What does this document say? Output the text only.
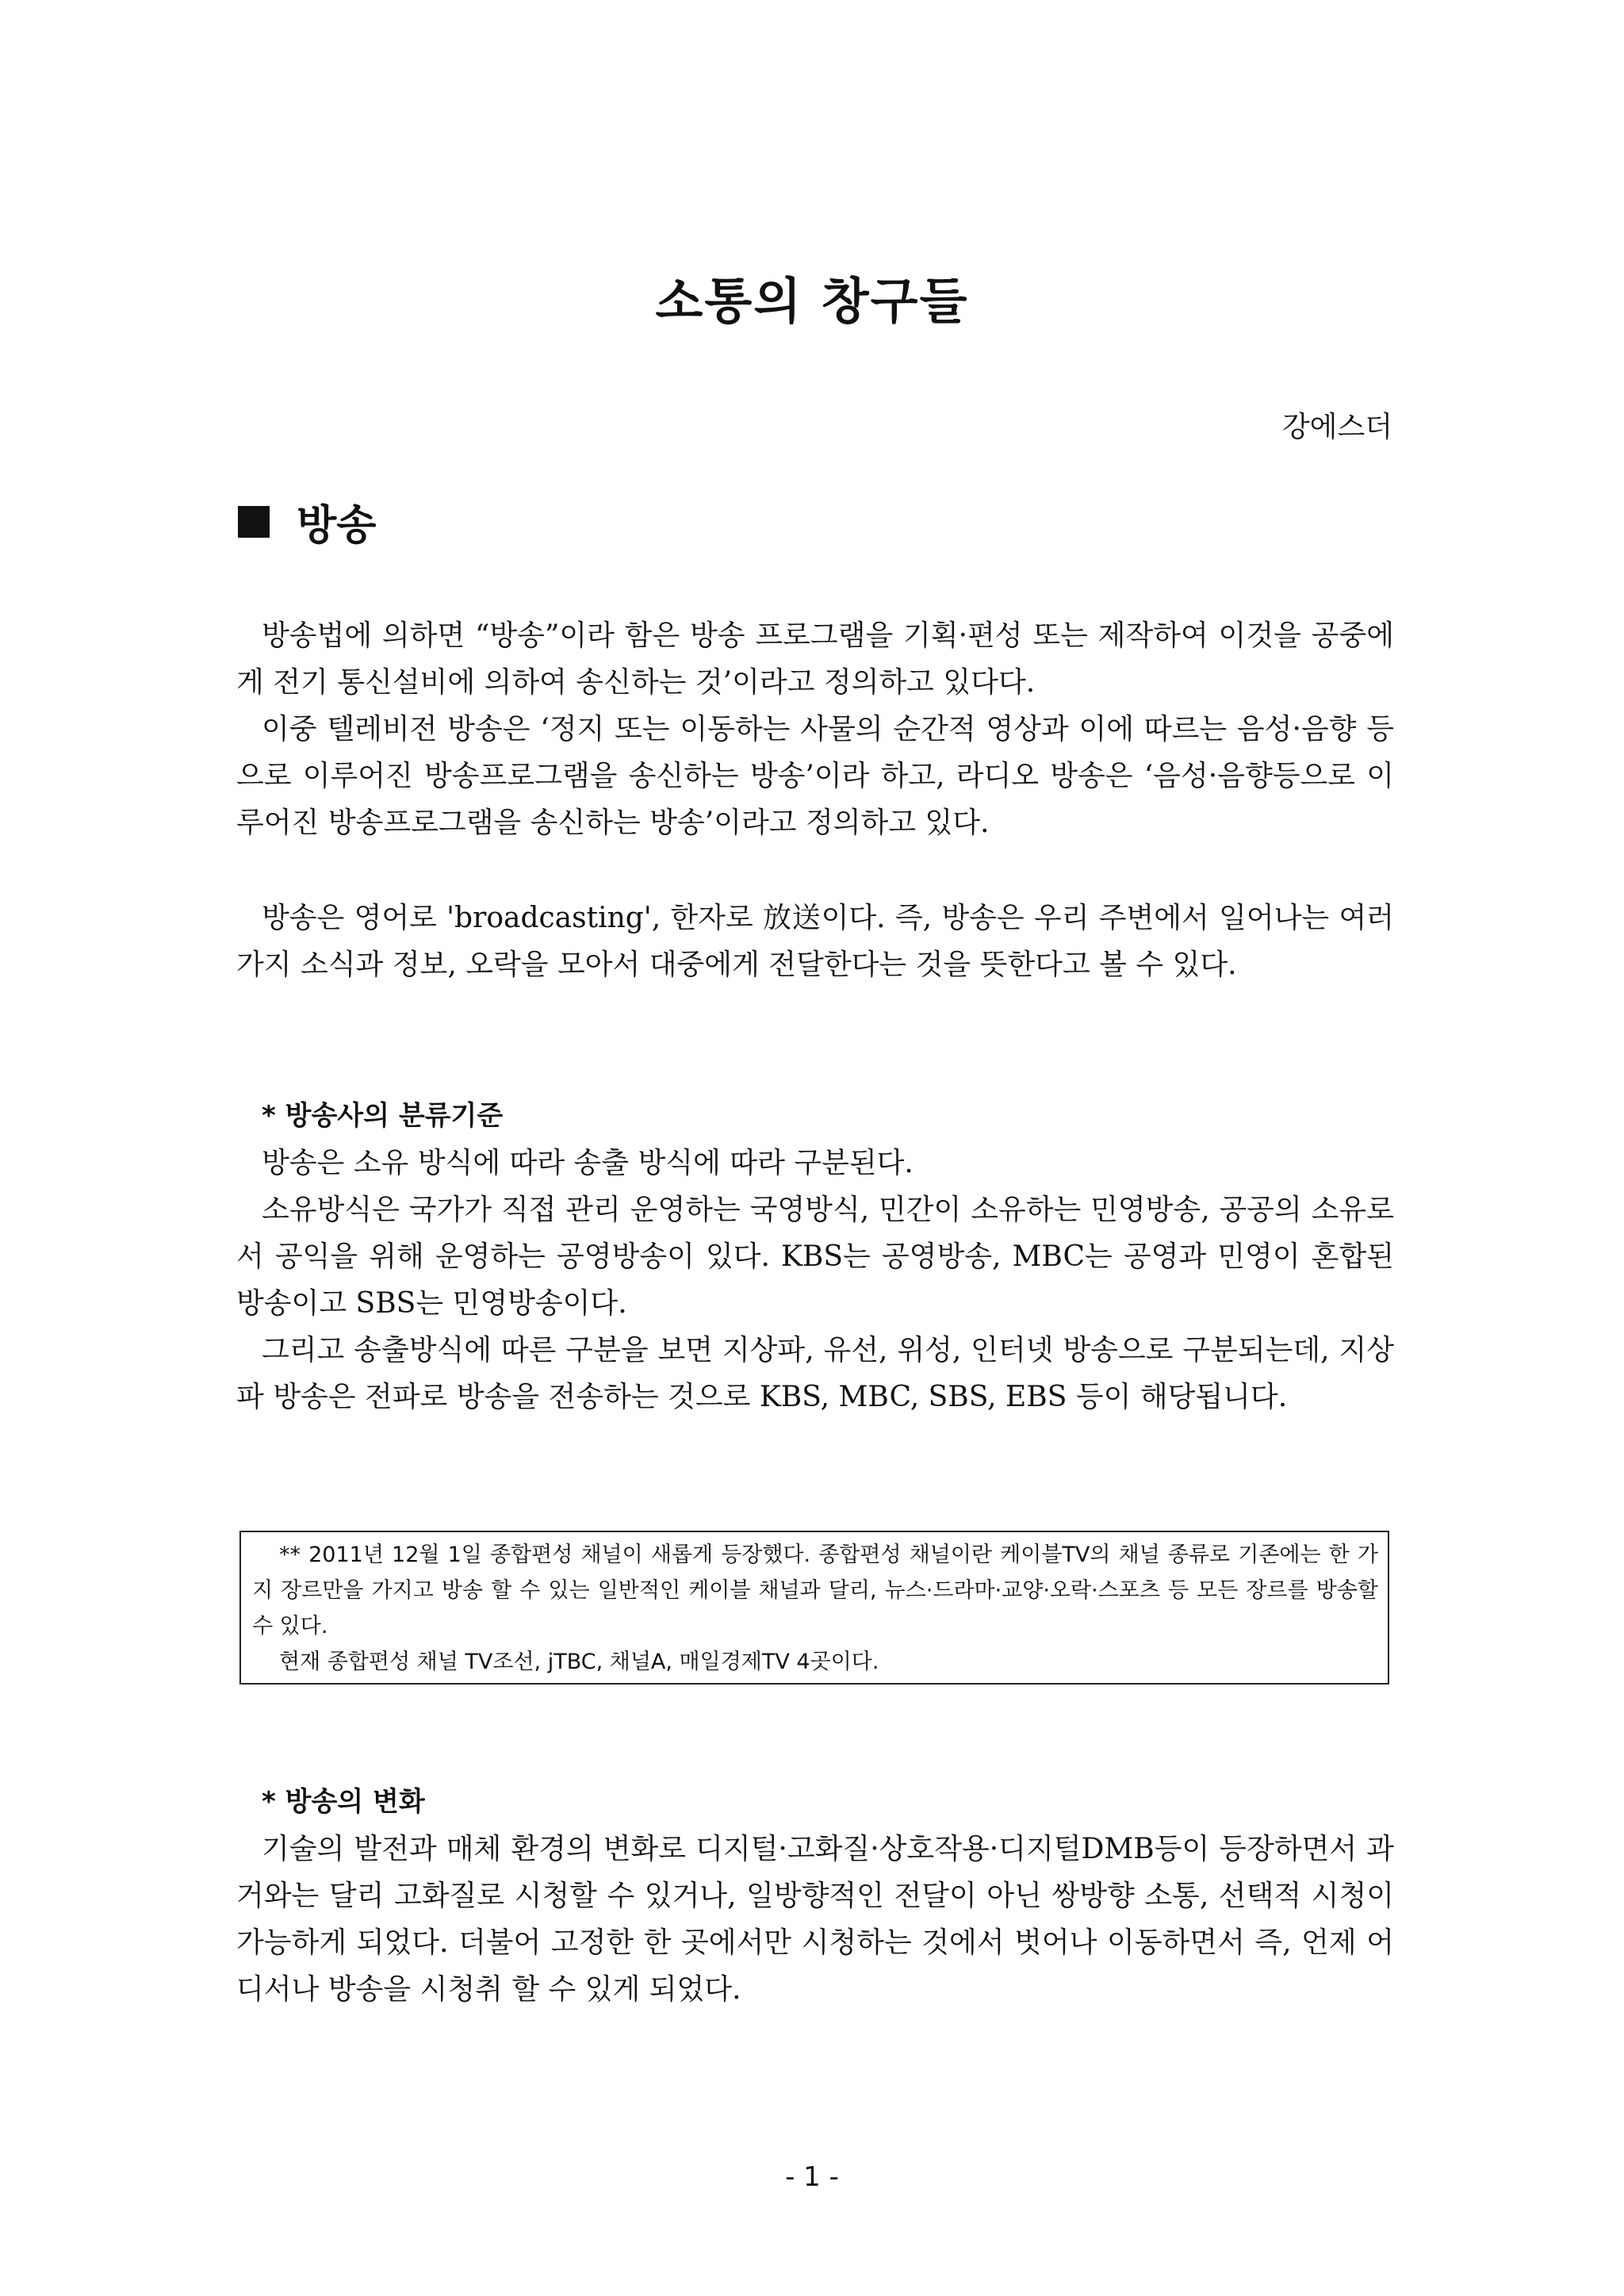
소통의 창구들

강에스더

방송

방송법에 의하면 “방송”이라 함은 방송 프로그램을 기획·편성 또는 제작하여 이것을 공중에게 전기 통신설비에 의하여 송신하는 것’이라고 정의하고 있다다.

이중 텔레비전 방송은 ‘정지 또는 이동하는 사물의 순간적 영상과 이에 따르는 음성·음향 등으로 이루어진 방송프로그램을 송신하는 방송’이라 하고, 라디오 방송은 ‘음성·음향등으로 이루어진 방송프로그램을 송신하는 방송’이라고 정의하고 있다.

방송은 영어로 'broadcasting', 한자로 放送이다. 즉, 방송은 우리 주변에서 일어나는 여러 가지 소식과 정보, 오락을 모아서 대중에게 전달한다는 것을 뜻한다고 볼 수 있다.

* 방송사의 분류기준

방송은 소유 방식에 따라 송출 방식에 따라 구분된다.

소유방식은 국가가 직접 관리 운영하는 국영방식, 민간이 소유하는 민영방송, 공공의 소유로서 공익을 위해 운영하는 공영방송이 있다. KBS는 공영방송, MBC는 공영과 민영이 혼합된 방송이고 SBS는 민영방송이다.

그리고 송출방식에 따른 구분을 보면 지상파, 유선, 위성, 인터넷 방송으로 구분되는데, 지상파 방송은 전파로 방송을 전송하는 것으로 KBS, MBC, SBS, EBS 등이 해당됩니다.

** 2011년 12월 1일 종합편성 채널이 새롭게 등장했다. 종합편성 채널이란 케이블TV의 채널 종류로 기존에는 한 가지 장르만을 가지고 방송 할 수 있는 일반적인 케이블 채널과 달리, 뉴스·드라마·교양·오락·스포츠 등 모든 장르를 방송할 수 있다.

현재 종합편성 채널 TV조선, jTBC, 채널A, 매일경제TV 4곳이다.

* 방송의 변화

기술의 발전과 매체 환경의 변화로 디지털·고화질·상호작용·디지털DMB등이 등장하면서 과거와는 달리 고화질로 시청할 수 있거나, 일방향적인 전달이 아닌 쌍방향 소통, 선택적 시청이 가능하게 되었다. 더불어 고정한 한 곳에서만 시청하는 것에서 벗어나 이동하면서 즉, 언제 어디서나 방송을 시청취 할 수 있게 되었다.

- 1 -
